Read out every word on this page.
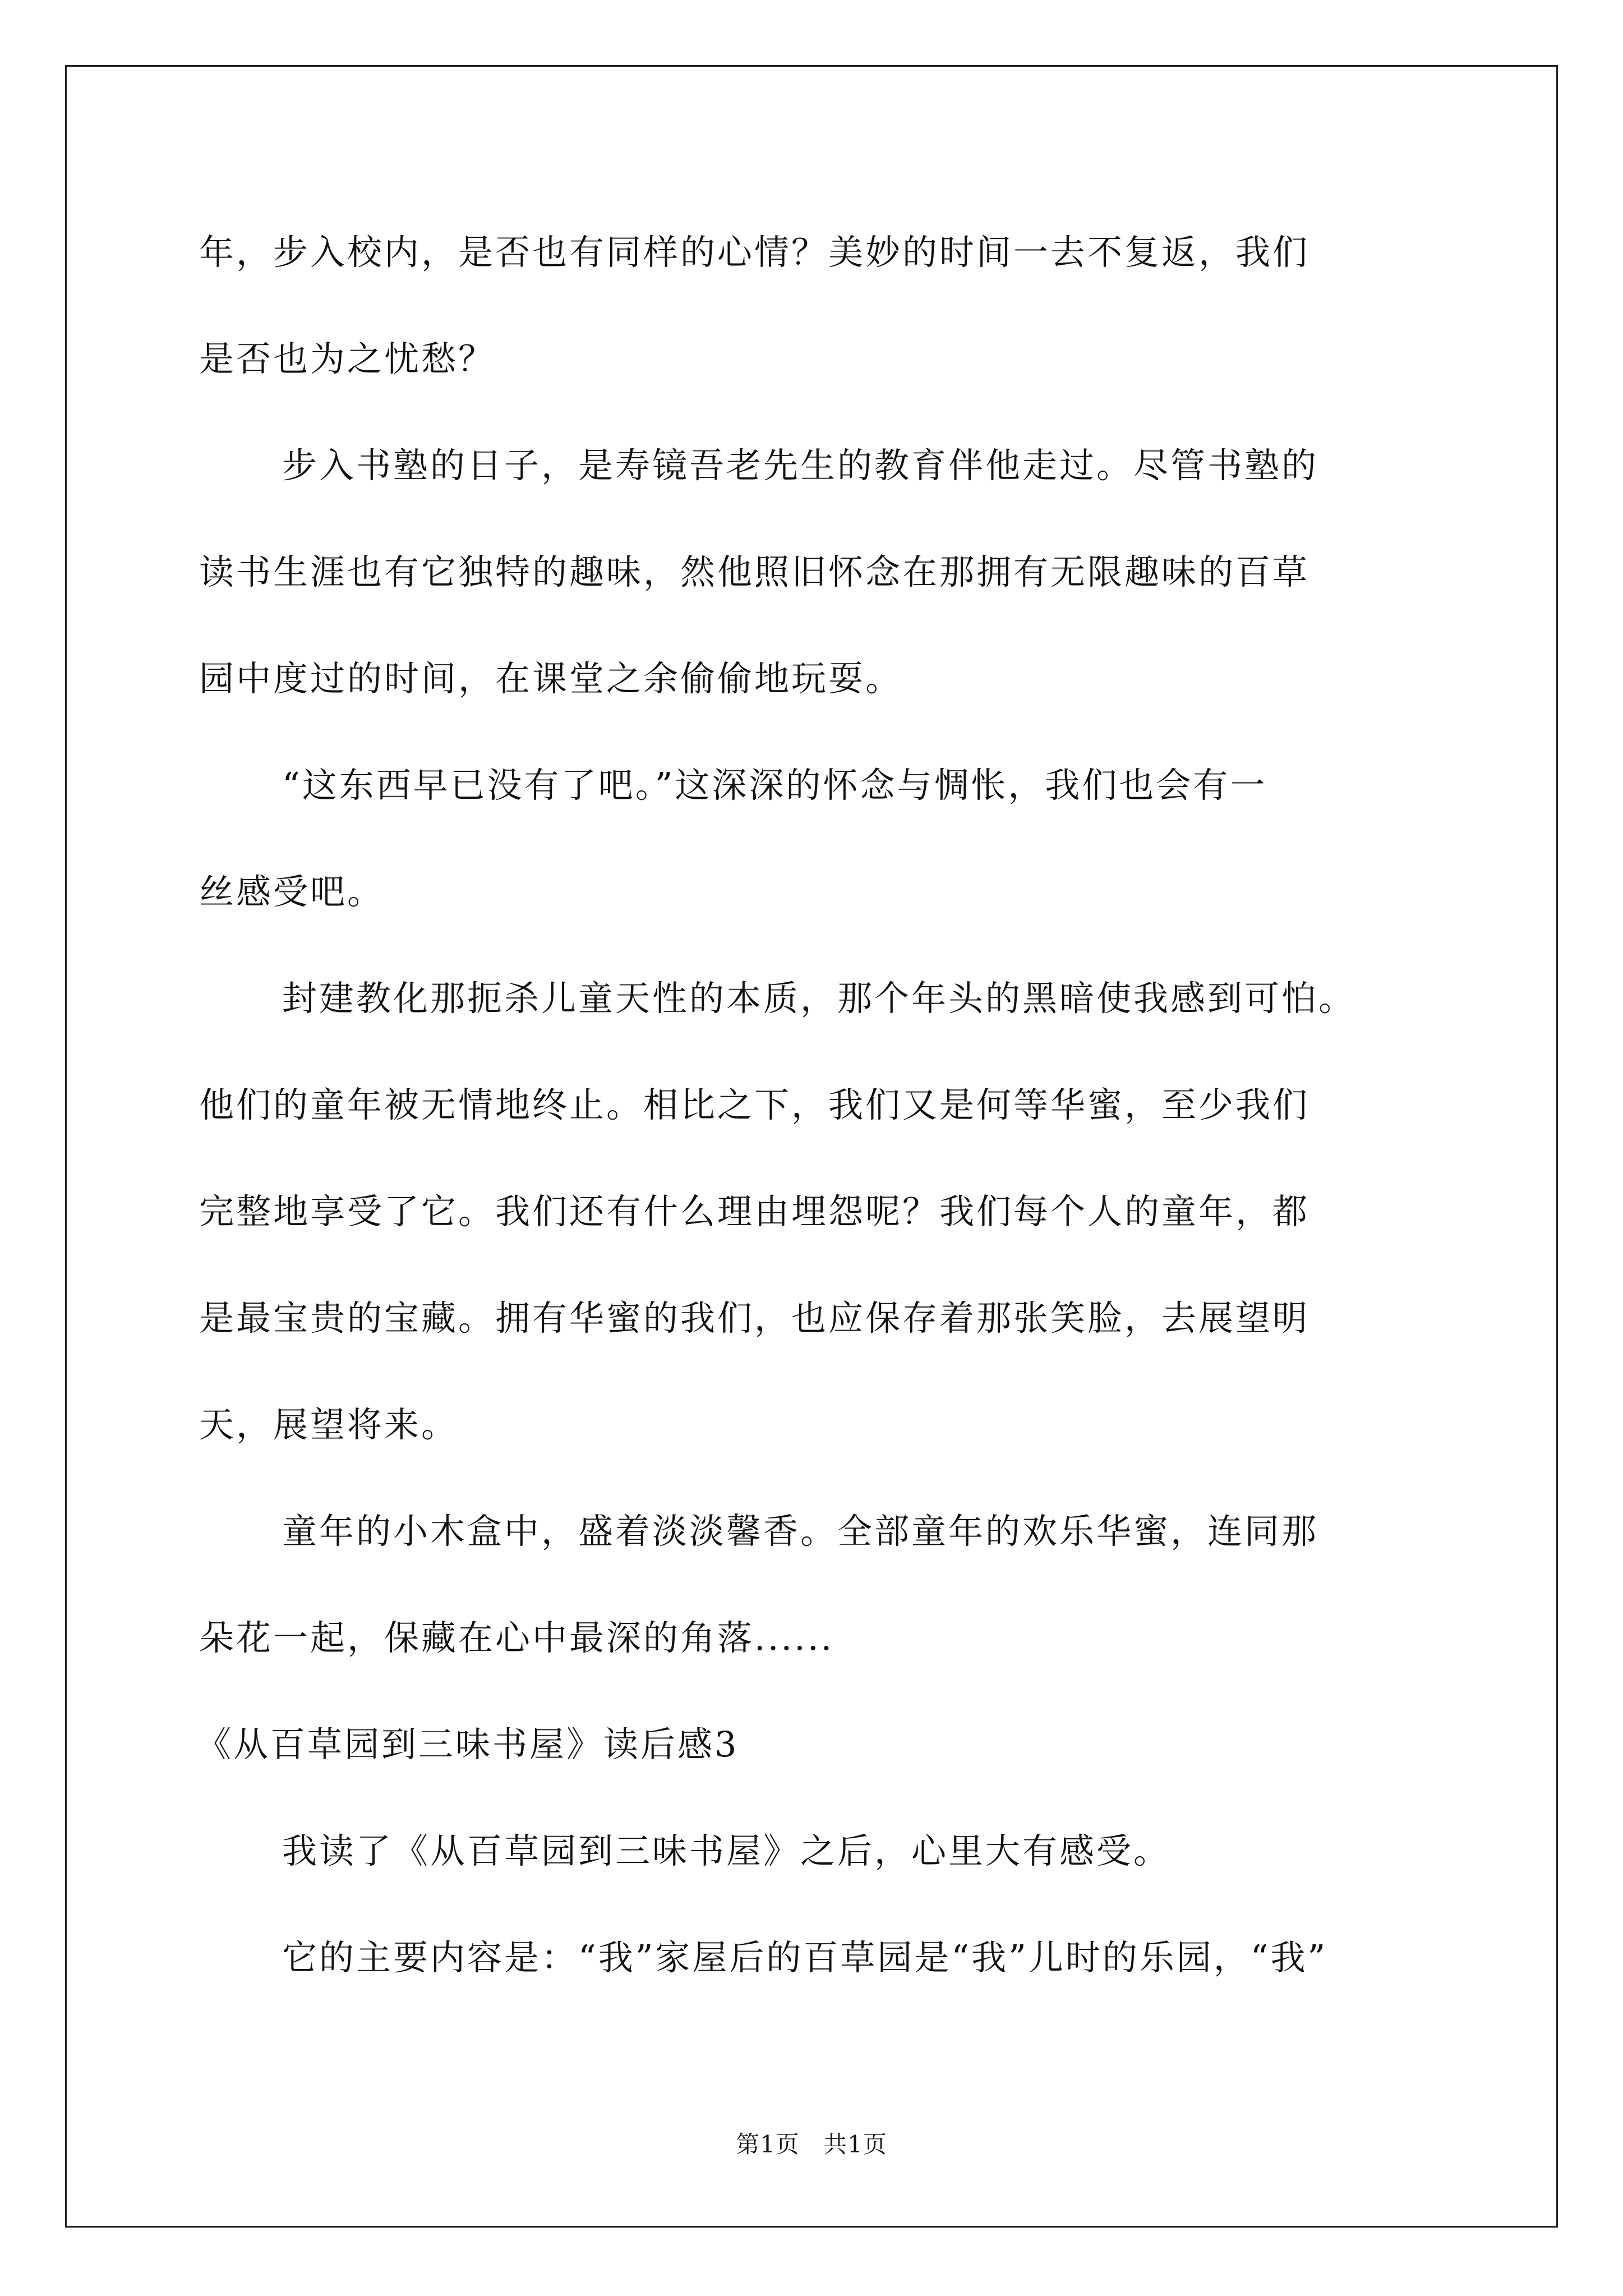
年，步入校内，是否也有同样的心情？美妙的时间一去不复返，我们
是否也为之忧愁？
步入书塾的日子，是寿镜吾老先生的教育伴他走过。尽管书塾的
读书生涯也有它独特的趣味，然他照旧怀念在那拥有无限趣味的百草
园中度过的时间，在课堂之余偷偷地玩耍。
“这东西早已没有了吧。”这深深的怀念与惆怅，我们也会有一
丝感受吧。
封建教化那扼杀儿童天性的本质，那个年头的黑暗使我感到可怕。
他们的童年被无情地终止。相比之下，我们又是何等华蜜，至少我们
完整地享受了它。我们还有什么理由埋怨呢？我们每个人的童年，都
是最宝贵的宝藏。拥有华蜜的我们，也应保存着那张笑脸，去展望明
天，展望将来。
童年的小木盒中，盛着淡淡馨香。全部童年的欢乐华蜜，连同那
朵花一起，保藏在心中最深的角落......
《从百草园到三味书屋》读后感3
我读了《从百草园到三味书屋》之后，心里大有感受。
它的主要内容是：“我”家屋后的百草园是“我”儿时的乐园，“我”
第1页 共1页
